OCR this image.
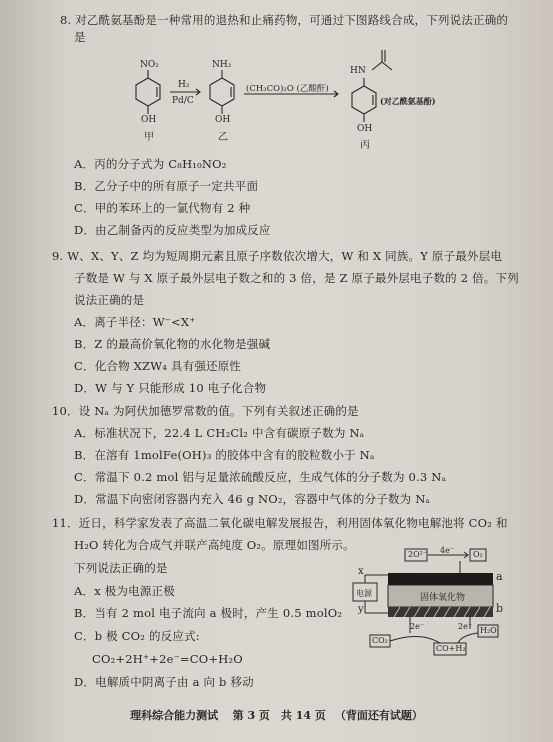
8. 对乙酰氨基酚是一种常用的退热和止痛药物，可通过下图路线合成，下列说法正确的
是
NO₂
OH
甲
H₂
Pd/C
NH₂
OH
乙
(CH₃CO)₂O (乙酸酐)
HN
OH
丙
(对乙酰氨基酚)
A．丙的分子式为 C₈H₁₀NO₂
B．乙分子中的所有原子一定共平面
C．甲的苯环上的一氯代物有 2 种
D．由乙制备丙的反应类型为加成反应
9. W、X、Y、Z 均为短周期元素且原子序数依次增大，W 和 X 同族。Y 原子最外层电
子数是 W 与 X 原子最外层电子数之和的 3 倍，是 Z 原子最外层电子数的 2 倍。下列
说法正确的是
A．离子半径：W⁻<X⁺
B．Z 的最高价氧化物的水化物是强碱
C．化合物 XZW₄ 具有强还原性
D．W 与 Y 只能形成 10 电子化合物
10．设 Nₐ 为阿伏加德罗常数的值。下列有关叙述正确的是
A．标准状况下，22.4 L CH₂Cl₂ 中含有碳原子数为 Nₐ
B．在溶有 1molFe(OH)₃ 的胶体中含有的胶粒数小于 Nₐ
C．常温下 0.2 mol 铝与足量浓硫酸反应，生成气体的分子数为 0.3 Nₐ
D．常温下向密闭容器内充入 46 g NO₂，容器中气体的分子数为 Nₐ
11．近日，科学家发表了高温二氧化碳电解发展报告，利用固体氧化物电解池将 CO₂ 和
H₂O 转化为合成气并联产高纯度 O₂。原理如图所示。
下列说法正确的是
A．x 极为电源正极
B．当有 2 mol 电子流向 a 极时，产生 0.5 molO₂
C．b 极 CO₂ 的反应式:
CO₂+2H⁺+2e⁻=CO+H₂O
D．电解质中阴离子由 a 向 b 移动
2O²⁻ 4e⁻ O₂
x
y
a
b
电源	固体氧化物
CO₂
2e⁻	2e⁻ H₂O
CO+H₂
理科综合能力测试 　 第 3 页　共 14 页 　 （背面还有试题）
